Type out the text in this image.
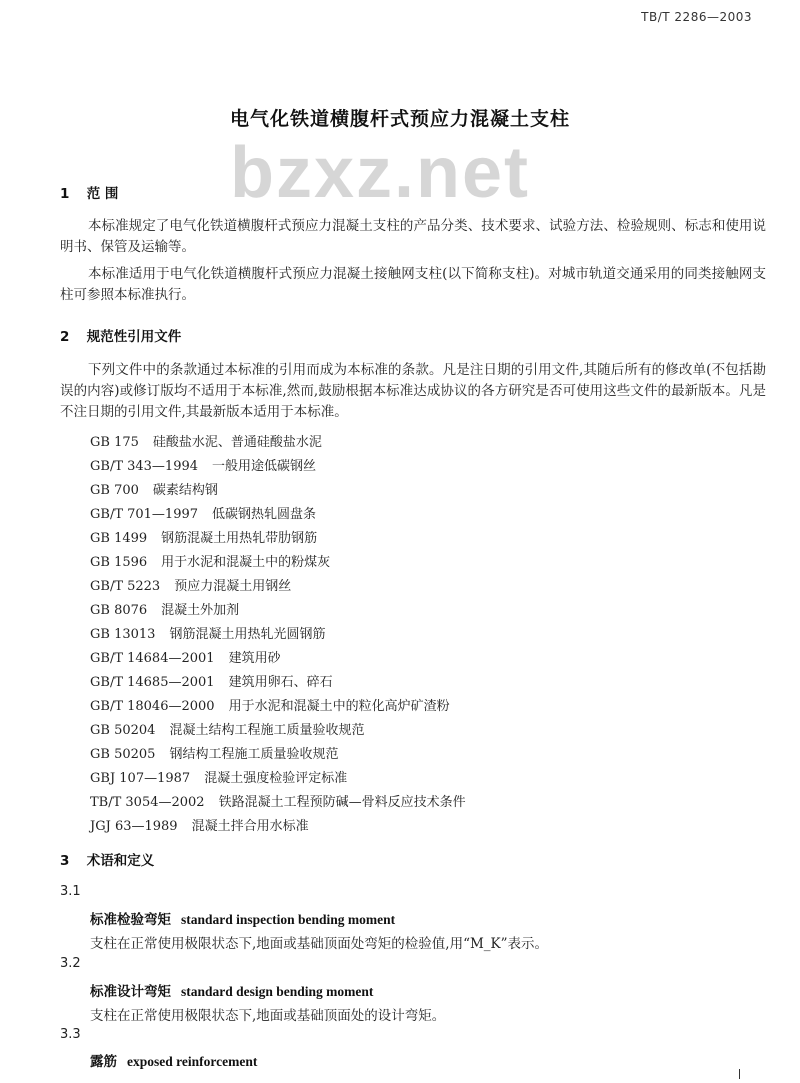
TB/T 2286—2003
bzxz.net
电气化铁道横腹杆式预应力混凝土支柱
1 范 围
本标准规定了电气化铁道横腹杆式预应力混凝土支柱的产品分类、技术要求、试验方法、检验规则、标志和使用说明书、保管及运输等。
本标准适用于电气化铁道横腹杆式预应力混凝土接触网支柱(以下简称支柱)。对城市轨道交通采用的同类接触网支柱可参照本标准执行。
2 规范性引用文件
下列文件中的条款通过本标准的引用而成为本标准的条款。凡是注日期的引用文件,其随后所有的修改单(不包括勘误的内容)或修订版均不适用于本标准,然而,鼓励根据本标准达成协议的各方研究是否可使用这些文件的最新版本。凡是不注日期的引用文件,其最新版本适用于本标准。
GB 175 硅酸盐水泥、普通硅酸盐水泥
GB/T 343—1994 一般用途低碳钢丝
GB 700 碳素结构钢
GB/T 701—1997 低碳钢热轧圆盘条
GB 1499 钢筋混凝土用热轧带肋钢筋
GB 1596 用于水泥和混凝土中的粉煤灰
GB/T 5223 预应力混凝土用钢丝
GB 8076 混凝土外加剂
GB 13013 钢筋混凝土用热轧光圆钢筋
GB/T 14684—2001 建筑用砂
GB/T 14685—2001 建筑用卵石、碎石
GB/T 18046—2000 用于水泥和混凝土中的粒化高炉矿渣粉
GB 50204 混凝土结构工程施工质量验收规范
GB 50205 钢结构工程施工质量验收规范
GBJ 107—1987 混凝土强度检验评定标准
TB/T 3054—2002 铁路混凝土工程预防碱—骨料反应技术条件
JGJ 63—1989 混凝土拌合用水标准
3 术语和定义
3.1
标准检验弯矩 standard inspection bending moment
支柱在正常使用极限状态下,地面或基础顶面处弯矩的检验值,用“M_K”表示。
3.2
标准设计弯矩 standard design bending moment
支柱在正常使用极限状态下,地面或基础顶面处的设计弯矩。
3.3
露筋 exposed reinforcement
